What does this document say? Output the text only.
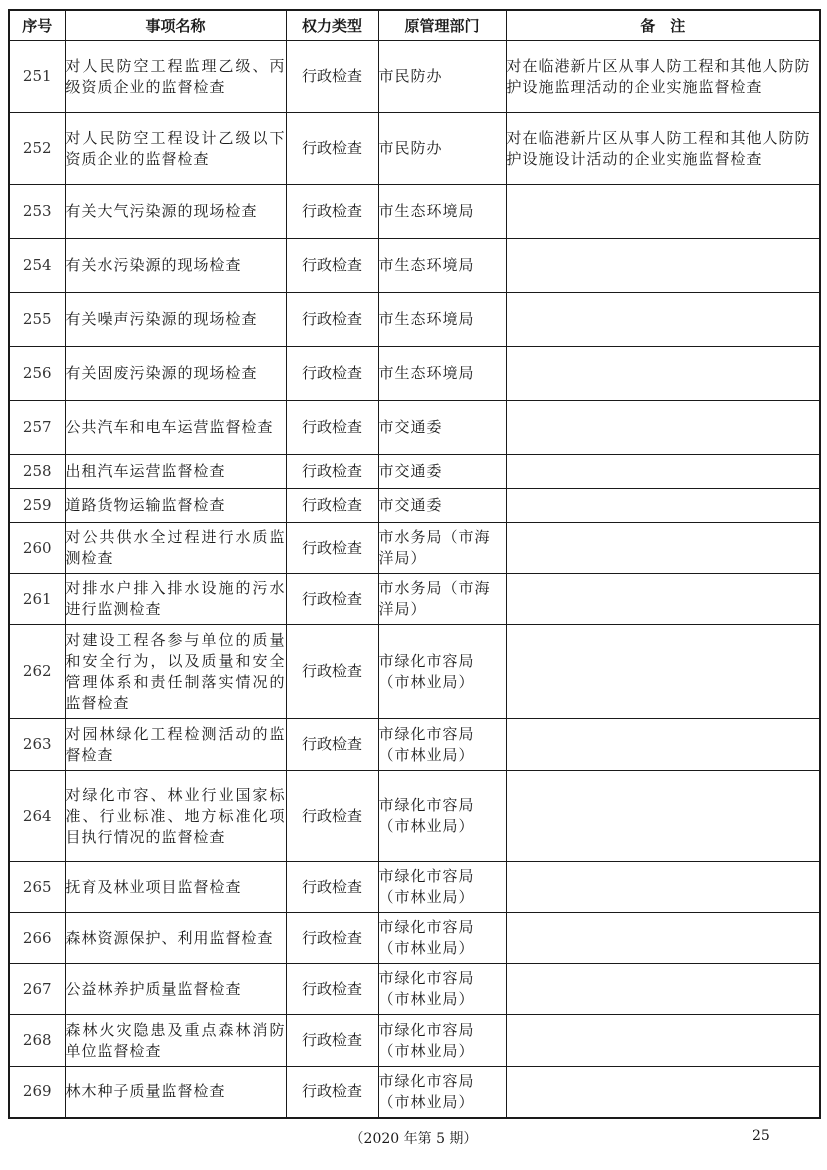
序号	事项名称	权力类型	原管理部门	备　注
251	对人民防空工程监理乙级、丙级资质企业的监督检查	行政检查	市民防办	对在临港新片区从事人防工程和其他人防防护设施监理活动的企业实施监督检查
252	对人民防空工程设计乙级以下资质企业的监督检查	行政检查	市民防办	对在临港新片区从事人防工程和其他人防防护设施设计活动的企业实施监督检查
253	有关大气污染源的现场检查	行政检查	市生态环境局	
254	有关水污染源的现场检查	行政检查	市生态环境局	
255	有关噪声污染源的现场检查	行政检查	市生态环境局	
256	有关固废污染源的现场检查	行政检查	市生态环境局	
257	公共汽车和电车运营监督检查	行政检查	市交通委	
258	出租汽车运营监督检查	行政检查	市交通委	
259	道路货物运输监督检查	行政检查	市交通委	
260	对公共供水全过程进行水质监测检查	行政检查	市水务局（市海洋局）	
261	对排水户排入排水设施的污水进行监测检查	行政检查	市水务局（市海洋局）	
262	对建设工程各参与单位的质量和安全行为，以及质量和安全管理体系和责任制落实情况的监督检查	行政检查	市绿化市容局（市林业局）	
263	对园林绿化工程检测活动的监督检查	行政检查	市绿化市容局（市林业局）	
264	对绿化市容、林业行业国家标准、行业标准、地方标准化项目执行情况的监督检查	行政检查	市绿化市容局（市林业局）	
265	抚育及林业项目监督检查	行政检查	市绿化市容局（市林业局）	
266	森林资源保护、利用监督检查	行政检查	市绿化市容局（市林业局）	
267	公益林养护质量监督检查	行政检查	市绿化市容局（市林业局）	
268	森林火灾隐患及重点森林消防单位监督检查	行政检查	市绿化市容局（市林业局）	
269	林木种子质量监督检查	行政检查	市绿化市容局（市林业局）	
（2020 年第 5 期）	25
